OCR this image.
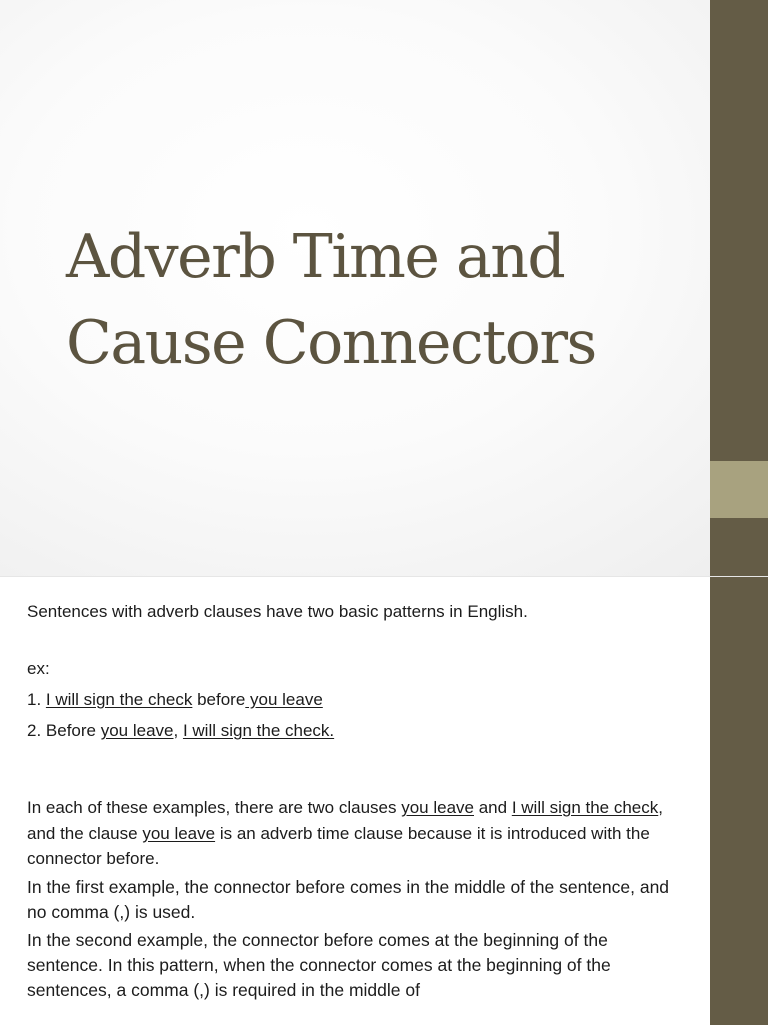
Adverb Time and
Cause Connectors

Sentences with adverb clauses have two basic patterns in English.

ex:

1. I will sign the check before you leave

2. Before you leave, I will sign the check.

In each of these examples, there are two clauses you leave and I will sign the check, and the clause you leave is an adverb time clause because it is introduced with the connector before.

In the first example, the connector before comes in the middle of the sentence, and no comma (,) is used.

In the second example, the connector before comes at the beginning of the sentence. In this pattern, when the connector comes at the beginning of the sentences, a comma (,) is required in the middle of
